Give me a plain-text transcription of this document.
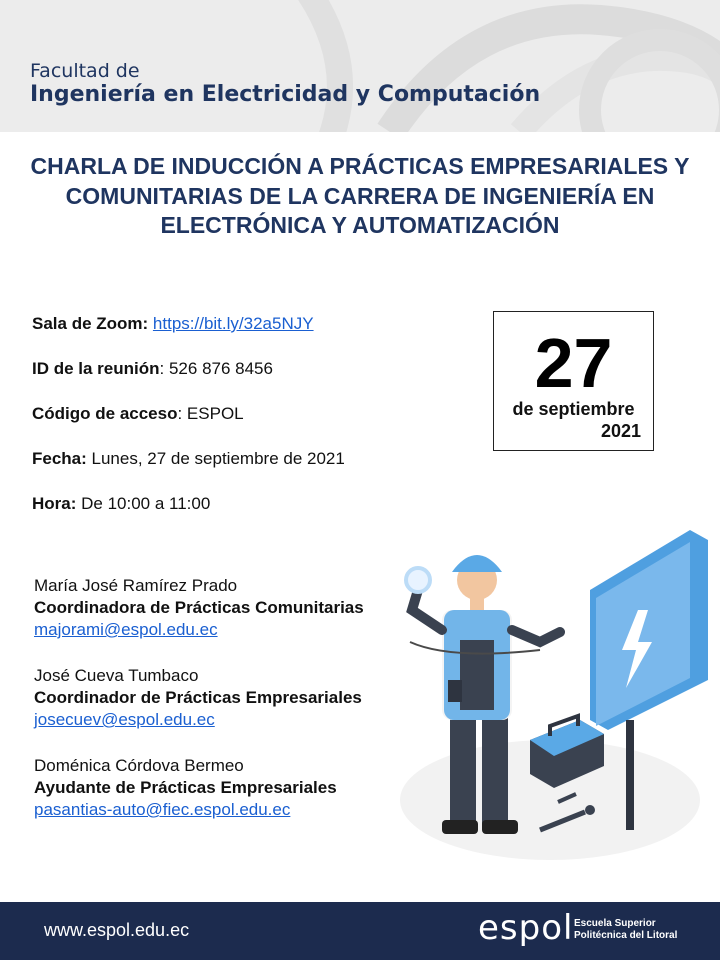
Facultad de
Ingeniería en Electricidad y Computación
CHARLA DE INDUCCIÓN A PRÁCTICAS EMPRESARIALES Y
COMUNITARIAS DE LA CARRERA DE INGENIERÍA EN
ELECTRÓNICA Y AUTOMATIZACIÓN
Sala de Zoom: https://bit.ly/32a5NJY
ID de la reunión: 526 876 8456
Código de acceso: ESPOL
Fecha: Lunes, 27 de septiembre de 2021
Hora: De 10:00 a 11:00
27
de septiembre
2021
María José Ramírez Prado
Coordinadora de Prácticas Comunitarias
majorami@espol.edu.ec
José Cueva Tumbaco
Coordinador de Prácticas Empresariales
josecuev@espol.edu.ec
Doménica Córdova Bermeo
Ayudante de Prácticas Empresariales
pasantias-auto@fiec.espol.edu.ec
www.espol.edu.ec	espol Escuela Superior
Politécnica del Litoral
